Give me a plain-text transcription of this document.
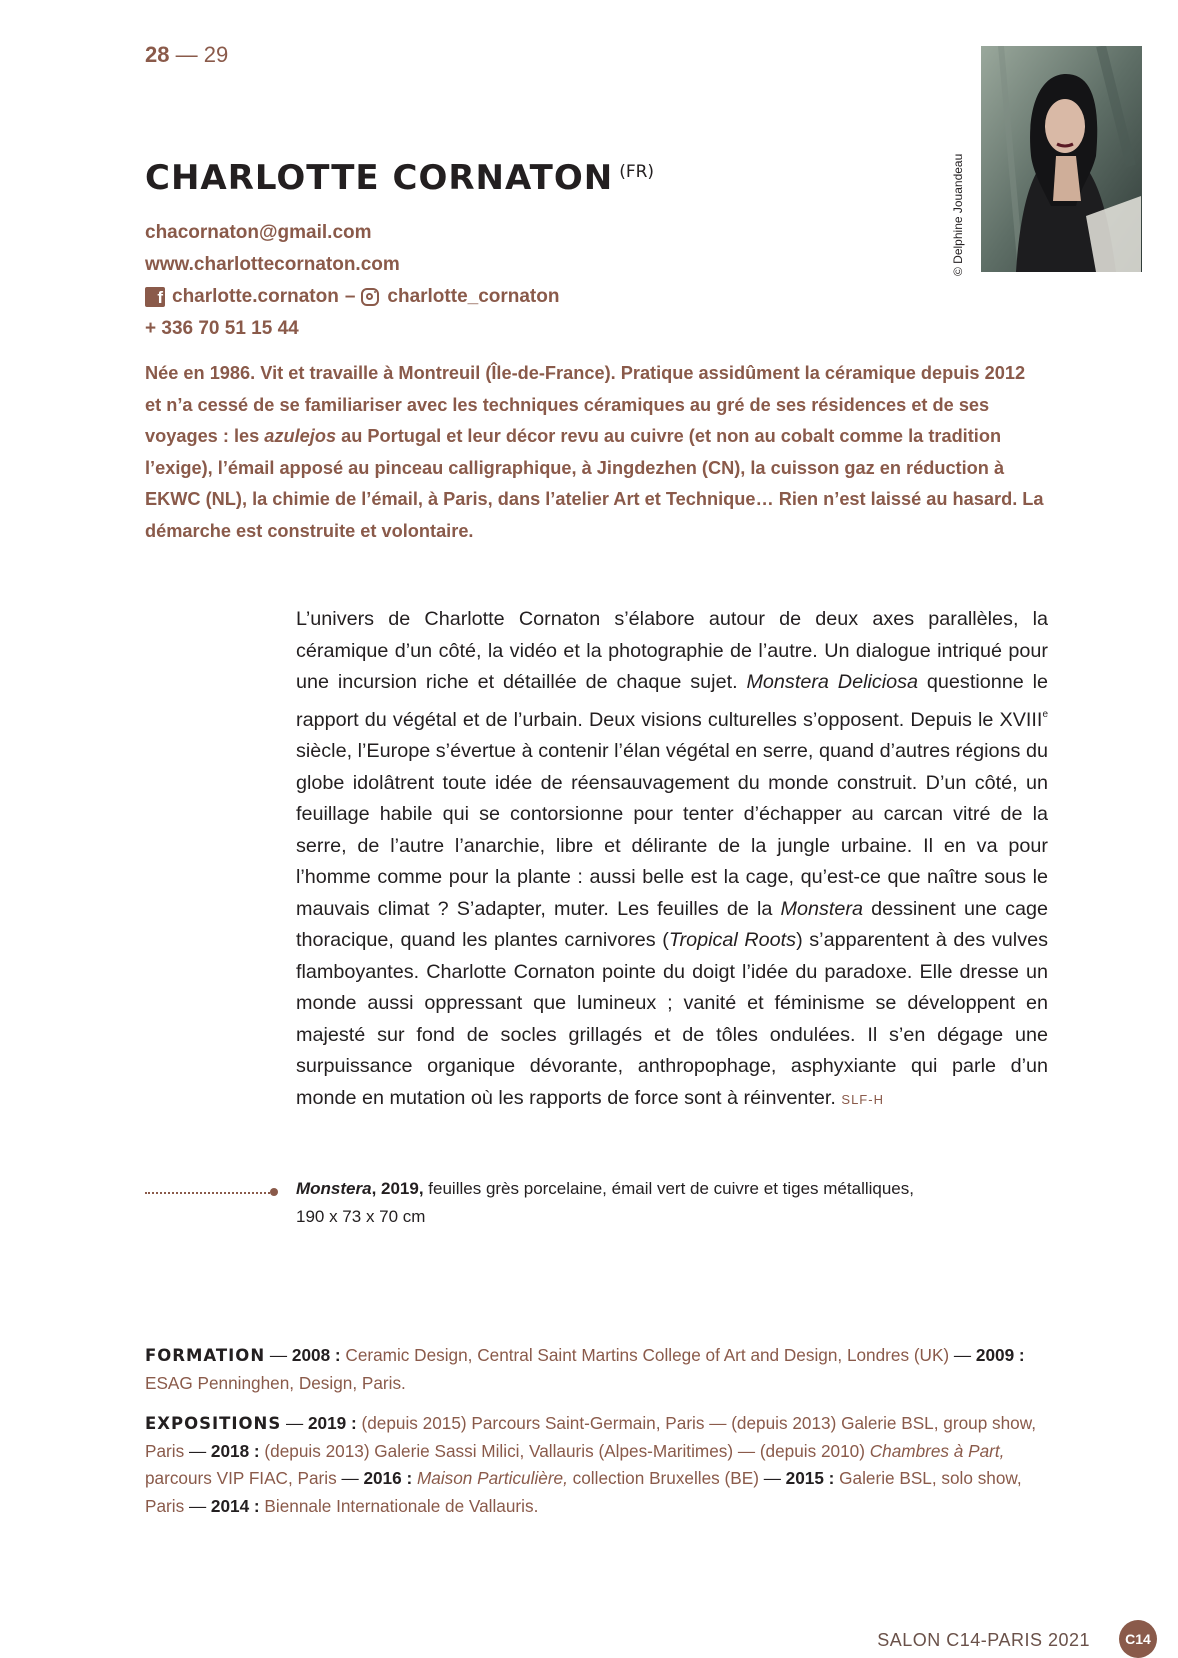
28 — 29
© Delphine Jouandeau
CHARLOTTE CORNATON $^{(FR)}$
chacornaton@gmail.com
www.charlottecornaton.com
f charlotte.cornaton – charlotte_cornaton
+ 336 70 51 15 44

Née en 1986. Vit et travaille à Montreuil (Île-de-France). Pratique assidûment la céramique depuis 2012 et n’a cessé de se familiariser avec les techniques céramiques au gré de ses résidences et de ses voyages : les azulejos au Portugal et leur décor revu au cuivre (et non au cobalt comme la tradition l’exige), l’émail apposé au pinceau calligraphique, à Jingdezhen (CN), la cuisson gaz en réduction à EKWC (NL), la chimie de l’émail, à Paris, dans l’atelier Art et Technique… Rien n’est laissé au hasard. La démarche est construite et volontaire.

L’univers de Charlotte Cornaton s’élabore autour de deux axes parallèles, la céramique d’un côté, la vidéo et la photographie de l’autre. Un dialogue intriqué pour une incursion riche et détaillée de chaque sujet. Monstera Deliciosa questionne le rapport du végétal et de l’urbain. Deux visions culturelles s’opposent. Depuis le XVIIIe siècle, l’Europe s’évertue à contenir l’élan végétal en serre, quand d’autres régions du globe idolâtrent toute idée de réensauvagement du monde construit. D’un côté, un feuillage habile qui se contorsionne pour tenter d’échapper au carcan vitré de la serre, de l’autre l’anarchie, libre et délirante de la jungle urbaine. Il en va pour l’homme comme pour la plante : aussi belle est la cage, qu’est-ce que naître sous le mauvais climat ? S’adapter, muter. Les feuilles de la Monstera dessinent une cage thoracique, quand les plantes carnivores (Tropical Roots) s’apparentent à des vulves flamboyantes. Charlotte Cornaton pointe du doigt l’idée du paradoxe. Elle dresse un monde aussi oppressant que lumineux ; vanité et féminisme se développent en majesté sur fond de socles grillagés et de tôles ondulées. Il s’en dégage une surpuissance organique dévorante, anthropophage, asphyxiante qui parle d’un monde en mutation où les rapports de force sont à réinventer. SLF-H

Monstera, 2019, feuilles grès porcelaine, émail vert de cuivre et tiges métalliques,
190 x 73 x 70 cm

FORMATION — 2008 : Ceramic Design, Central Saint Martins College of Art and Design, Londres (UK) — 2009 : ESAG Penninghen, Design, Paris.

EXPOSITIONS — 2019 : (depuis 2015) Parcours Saint-Germain, Paris — (depuis 2013) Galerie BSL, group show, Paris — 2018 : (depuis 2013) Galerie Sassi Milici, Vallauris (Alpes-Maritimes) — (depuis 2010) Chambres à Part, parcours VIP FIAC, Paris — 2016 : Maison Particulière, collection Bruxelles (BE) — 2015 : Galerie BSL, solo show, Paris — 2014 : Biennale Internationale de Vallauris.

SALON C14-PARIS 2021	C14
